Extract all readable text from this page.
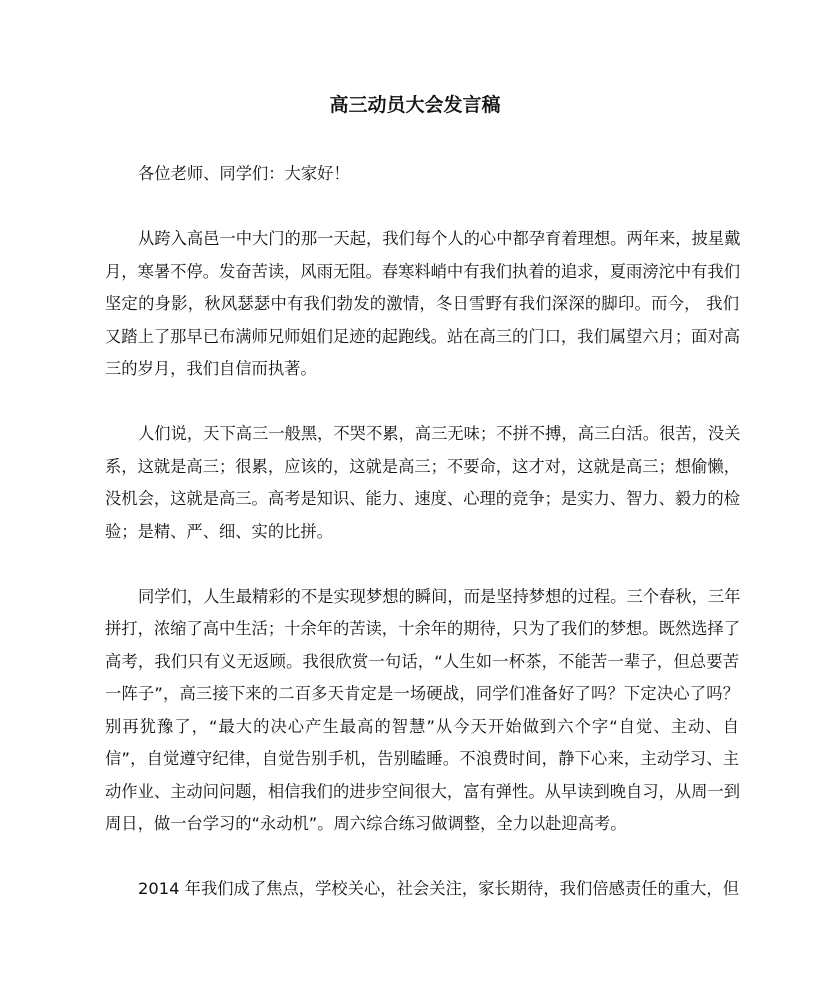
高三动员大会发言稿
各位老师、同学们：大家好！
从跨入高邑一中大门的那一天起，我们每个人的心中都孕育着理想。两年来，披星戴
月，寒暑不停。发奋苦读，风雨无阻。春寒料峭中有我们执着的追求，夏雨滂沱中有我们
坚定的身影，秋风瑟瑟中有我们勃发的激情，冬日雪野有我们深深的脚印。而今， 我们
又踏上了那早已布满师兄师姐们足迹的起跑线。站在高三的门口，我们属望六月；面对高
三的岁月，我们自信而执著。
人们说，天下高三一般黑，不哭不累，高三无味；不拼不搏，高三白活。很苦，没关
系，这就是高三；很累，应该的，这就是高三；不要命，这才对，这就是高三；想偷懒，
没机会，这就是高三。高考是知识、能力、速度、心理的竞争；是实力、智力、毅力的检
验；是精、严、细、实的比拼。
同学们，人生最精彩的不是实现梦想的瞬间，而是坚持梦想的过程。三个春秋，三年
拼打，浓缩了高中生活；十余年的苦读，十余年的期待，只为了我们的梦想。既然选择了
高考，我们只有义无返顾。我很欣赏一句话，“人生如一杯茶，不能苦一辈子，但总要苦
一阵子”，高三接下来的二百多天肯定是一场硬战，同学们准备好了吗？下定决心了吗？
别再犹豫了，“最大的决心产生最高的智慧”从今天开始做到六个字“自觉、主动、自
信”，自觉遵守纪律，自觉告别手机，告别瞌睡。不浪费时间，静下心来，主动学习、主
动作业、主动问问题，相信我们的进步空间很大，富有弹性。从早读到晚自习，从周一到
周日，做一台学习的“永动机”。周六综合练习做调整，全力以赴迎高考。
2014 年我们成了焦点，学校关心，社会关注，家长期待，我们倍感责任的重大，但
